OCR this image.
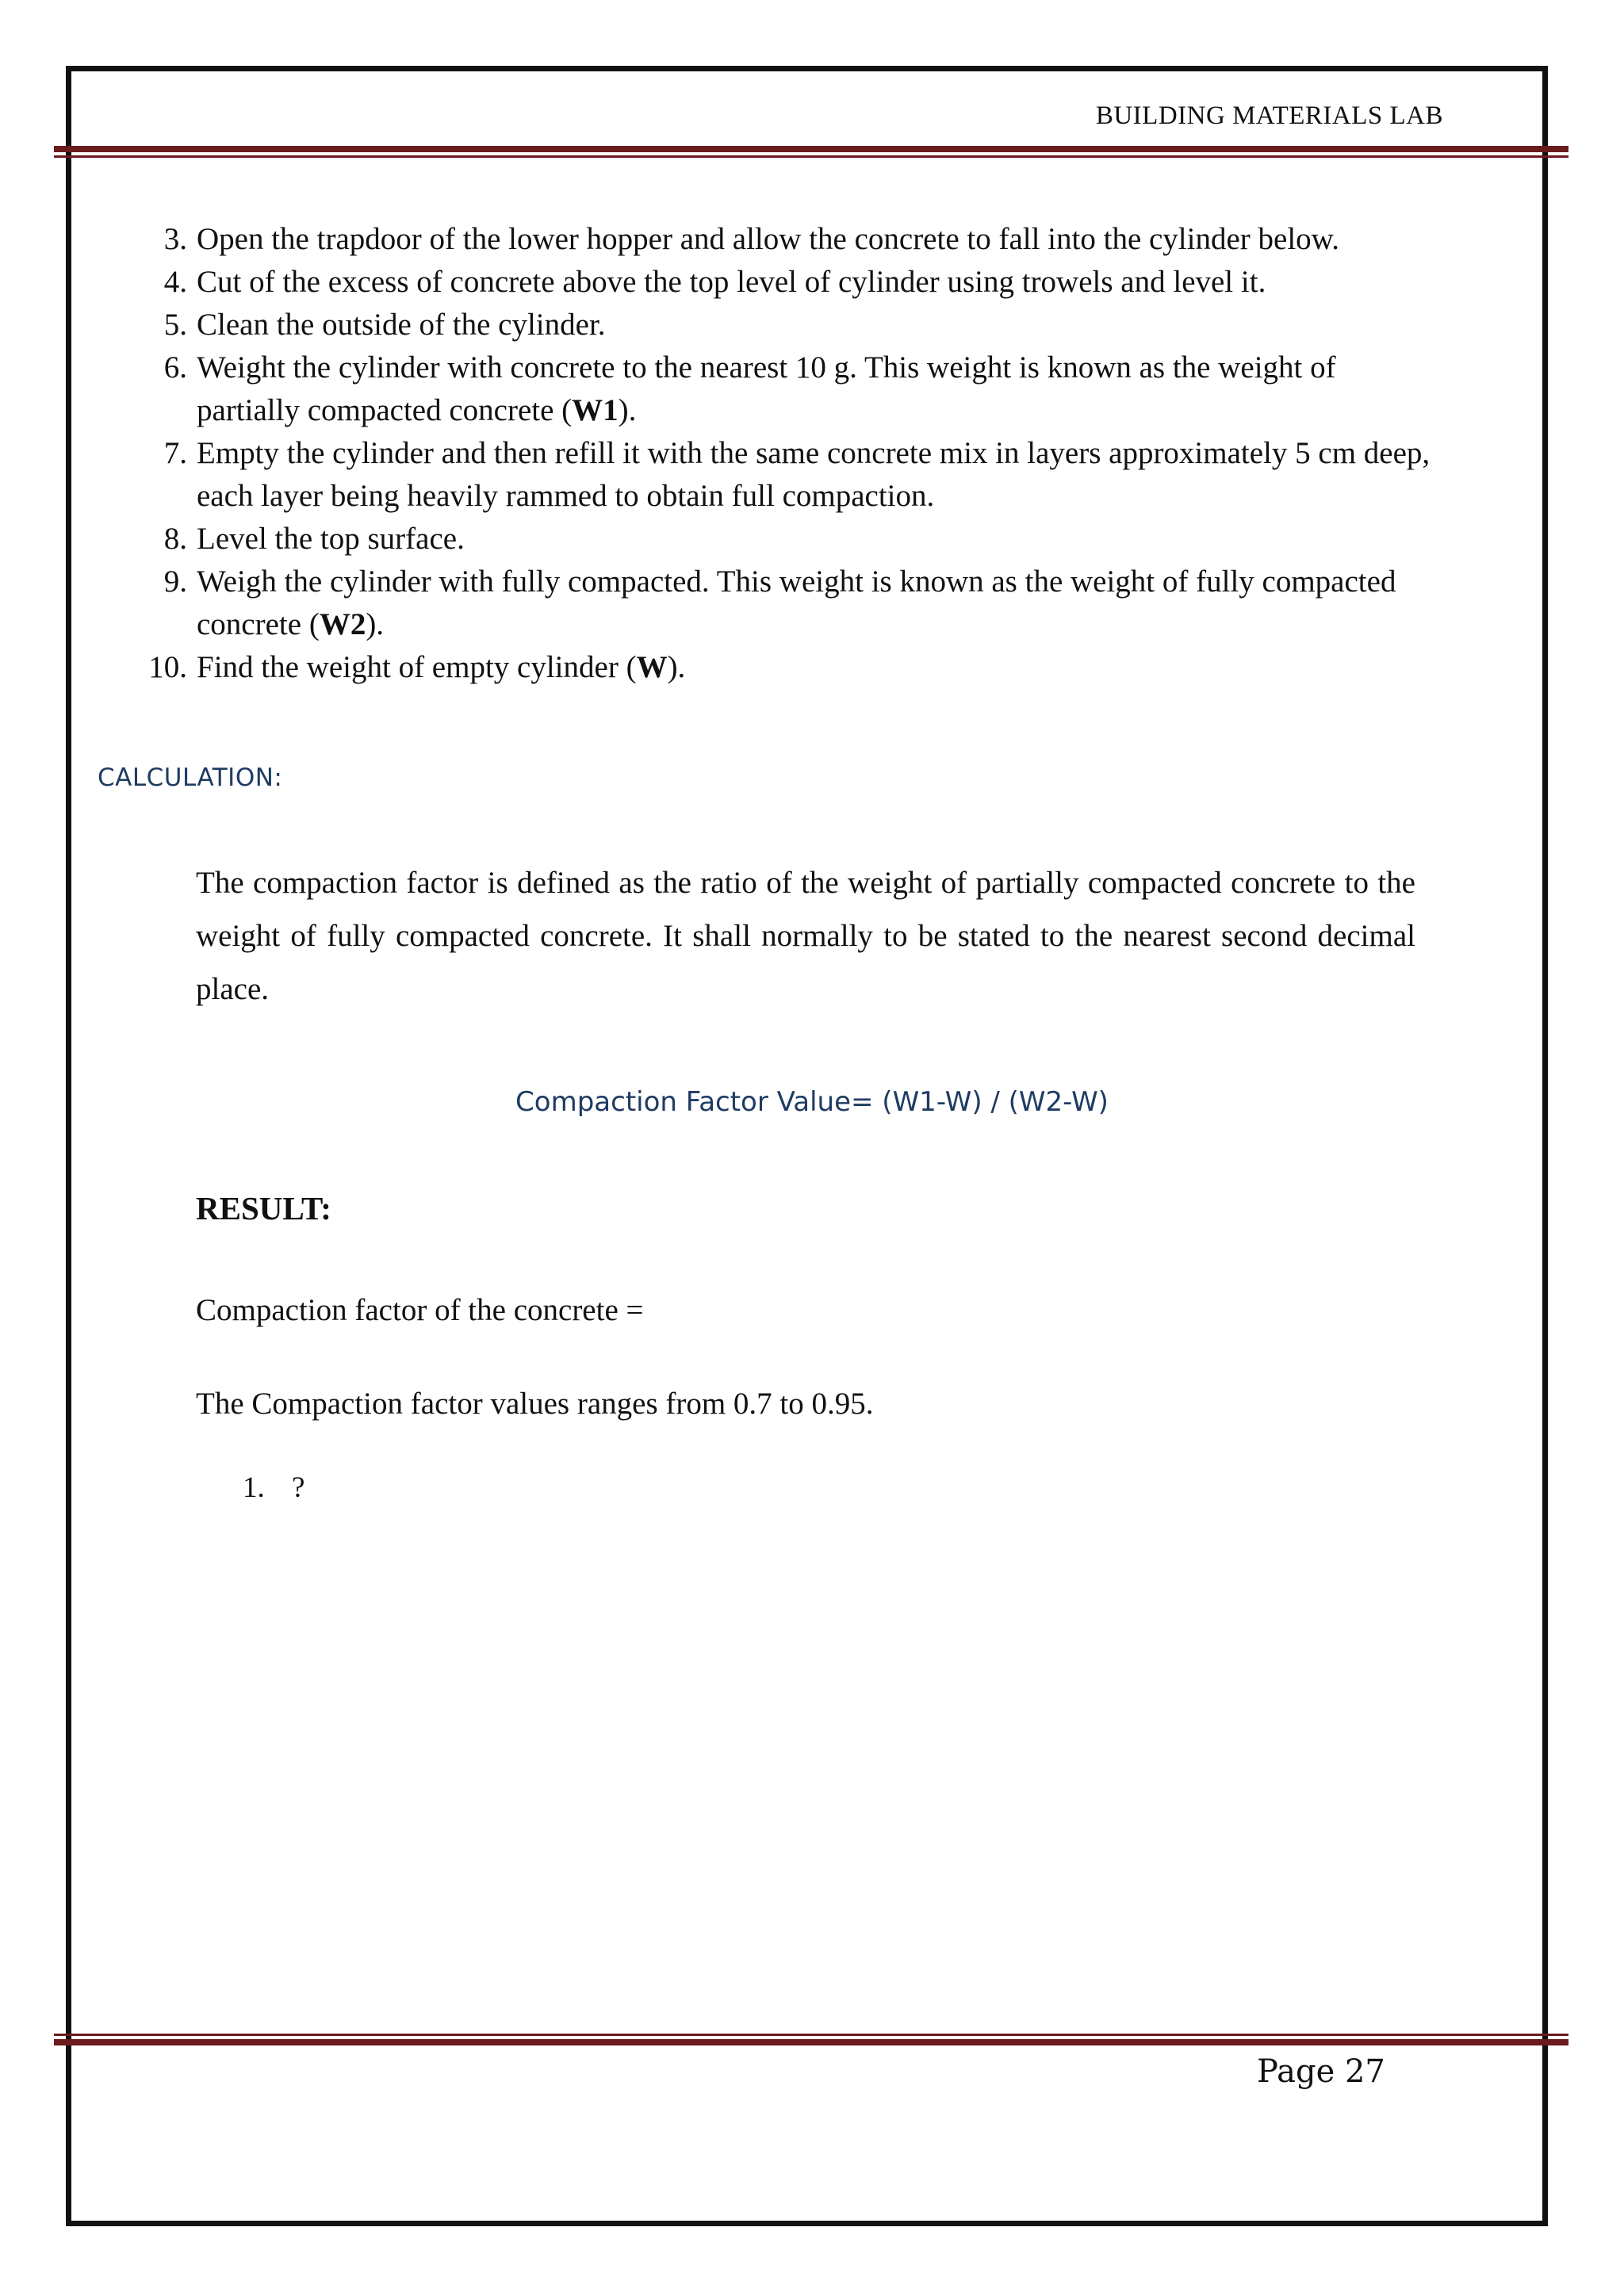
BUILDING MATERIALS LAB
3. Open the trapdoor of the lower hopper and allow the concrete to fall into the cylinder below.
4. Cut of the excess of concrete above the top level of cylinder using trowels and level it.
5. Clean the outside of the cylinder.
6. Weight the cylinder with concrete to the nearest 10 g. This weight is known as the weight of partially compacted concrete (W1).
7. Empty the cylinder and then refill it with the same concrete mix in layers approximately 5 cm deep, each layer being heavily rammed to obtain full compaction.
8. Level the top surface.
9. Weigh the cylinder with fully compacted. This weight is known as the weight of fully compacted concrete (W2).
10. Find the weight of empty cylinder (W).
CALCULATION:

The compaction factor is defined as the ratio of the weight of partially compacted concrete to the weight of fully compacted concrete. It shall normally to be stated to the nearest second decimal place.

Compaction Factor Value= (W1-W) / (W2-W)
RESULT:
Compaction factor of the concrete =
The Compaction factor values ranges from 0.7 to 0.95.
1. ?
Page 27
